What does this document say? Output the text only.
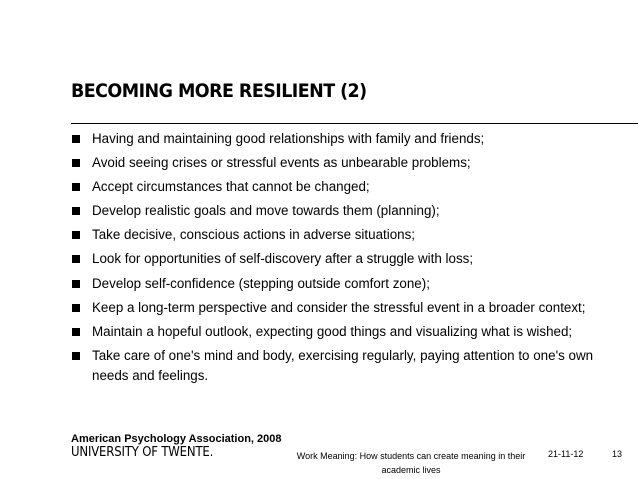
BECOMING MORE RESILIENT (2)
Having and maintaining good relationships with family and friends;
Avoid seeing crises or stressful events as unbearable problems;
Accept circumstances that cannot be changed;
Develop realistic goals and move towards them (planning);
Take decisive, conscious actions in adverse situations;
Look for opportunities of self-discovery after a struggle with loss;
Develop self-confidence (stepping outside comfort zone);
Keep a long-term perspective and consider the stressful event in a broader context;
Maintain a hopeful outlook, expecting good things and visualizing what is wished;
Take care of one's mind and body, exercising regularly, paying attention to one's own needs and feelings.
American Psychology Association, 2008
UNIVERSITY OF TWENTE.	Work Meaning: How students can create meaning in their academic lives
21-11-12	13
